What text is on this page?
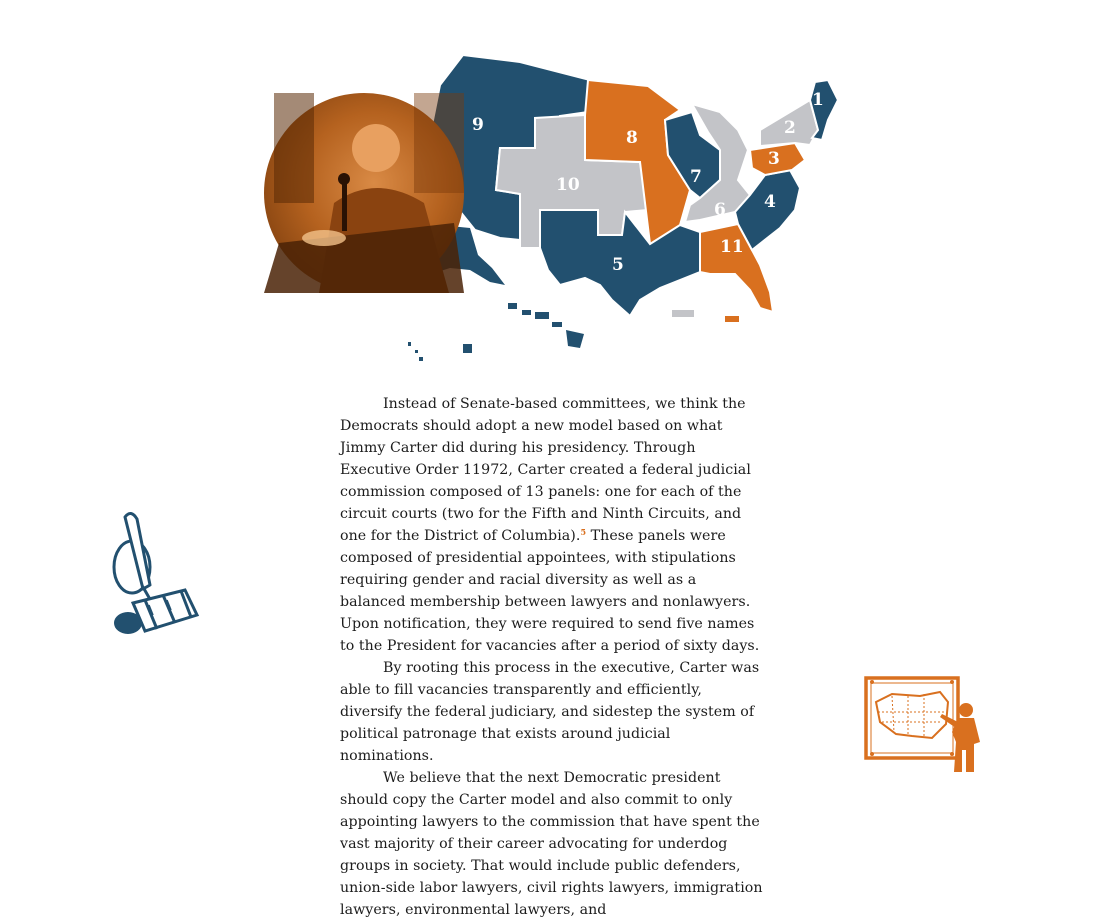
1
2
3
4
5
6
7
8
9
10
11

Instead of Senate-based committees, we think the Democrats should adopt a new model based on what Jimmy Carter did during his presidency. Through Executive Order 11972, Carter created a federal judicial commission composed of 13 panels: one for each of the circuit courts (two for the Fifth and Ninth Circuits, and one for the District of Columbia).$^5$ These panels were composed of presidential appointees, with stipulations requiring gender and racial diversity as well as a balanced membership between lawyers and nonlawyers. Upon notification, they were required to send five names to the President for vacancies after a period of sixty days.

By rooting this process in the executive, Carter was able to fill vacancies transparently and efficiently, diversify the federal judiciary, and sidestep the system of political patronage that exists around judicial nominations.

We believe that the next Democratic president should copy the Carter model and also commit to only appointing lawyers to the commission that have spent the vast majority of their career advocating for underdog groups in society. That would include public defenders, union-side labor lawyers, civil rights lawyers, immigration lawyers, environmental lawyers, and
